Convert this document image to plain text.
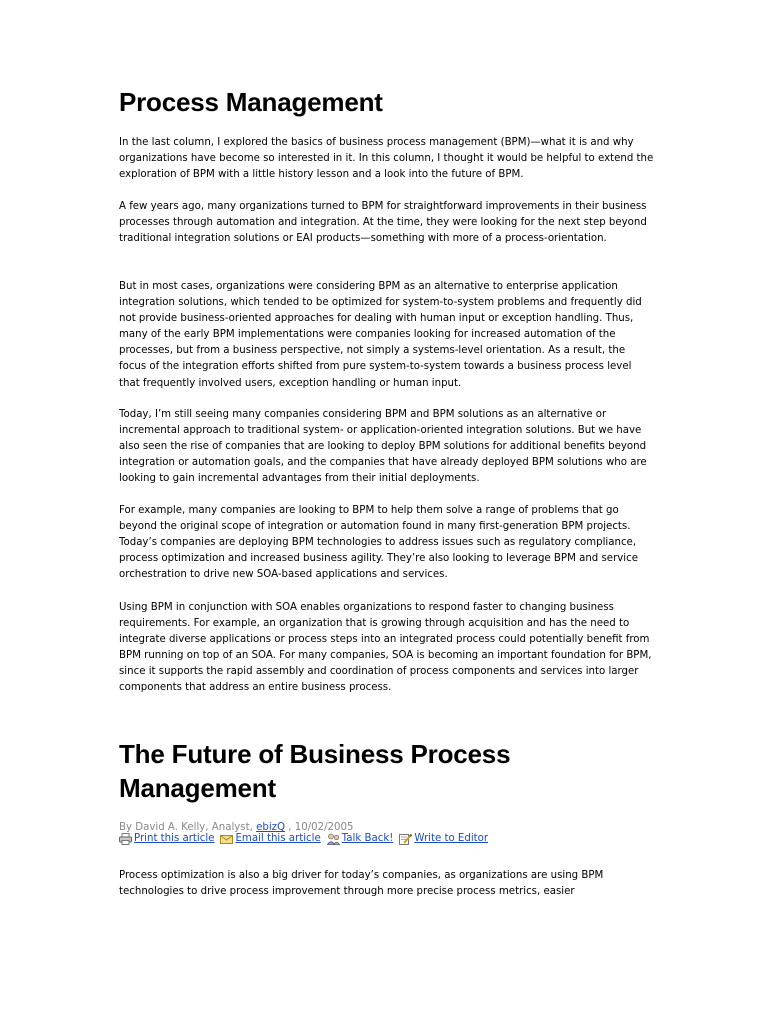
Process Management

In the last column, I explored the basics of business process management (BPM)—what it is and why organizations have become so interested in it. In this column, I thought it would be helpful to extend the exploration of BPM with a little history lesson and a look into the future of BPM.

A few years ago, many organizations turned to BPM for straightforward improvements in their business processes through automation and integration. At the time, they were looking for the next step beyond traditional integration solutions or EAI products—something with more of a process-orientation.

But in most cases, organizations were considering BPM as an alternative to enterprise application integration solutions, which tended to be optimized for system-to-system problems and frequently did not provide business-oriented approaches for dealing with human input or exception handling. Thus, many of the early BPM implementations were companies looking for increased automation of the processes, but from a business perspective, not simply a systems-level orientation. As a result, the focus of the integration efforts shifted from pure system-to-system towards a business process level that frequently involved users, exception handling or human input.

Today, I’m still seeing many companies considering BPM and BPM solutions as an alternative or incremental approach to traditional system- or application-oriented integration solutions. But we have also seen the rise of companies that are looking to deploy BPM solutions for additional benefits beyond integration or automation goals, and the companies that have already deployed BPM solutions who are looking to gain incremental advantages from their initial deployments.

For example, many companies are looking to BPM to help them solve a range of problems that go beyond the original scope of integration or automation found in many first-generation BPM projects. Today’s companies are deploying BPM technologies to address issues such as regulatory compliance, process optimization and increased business agility. They’re also looking to leverage BPM and service orchestration to drive new SOA-based applications and services.

Using BPM in conjunction with SOA enables organizations to respond faster to changing business requirements. For example, an organization that is growing through acquisition and has the need to integrate diverse applications or process steps into an integrated process could potentially benefit from BPM running on top of an SOA. For many companies, SOA is becoming an important foundation for BPM, since it supports the rapid assembly and coordination of process components and services into larger components that address an entire business process.

The Future of Business Process Management
By David A. Kelly, Analyst, ebizQ , 10/02/2005
Print this article Email this article Talk Back! Write to Editor

Process optimization is also a big driver for today’s companies, as organizations are using BPM technologies to drive process improvement through more precise process metrics, easier
